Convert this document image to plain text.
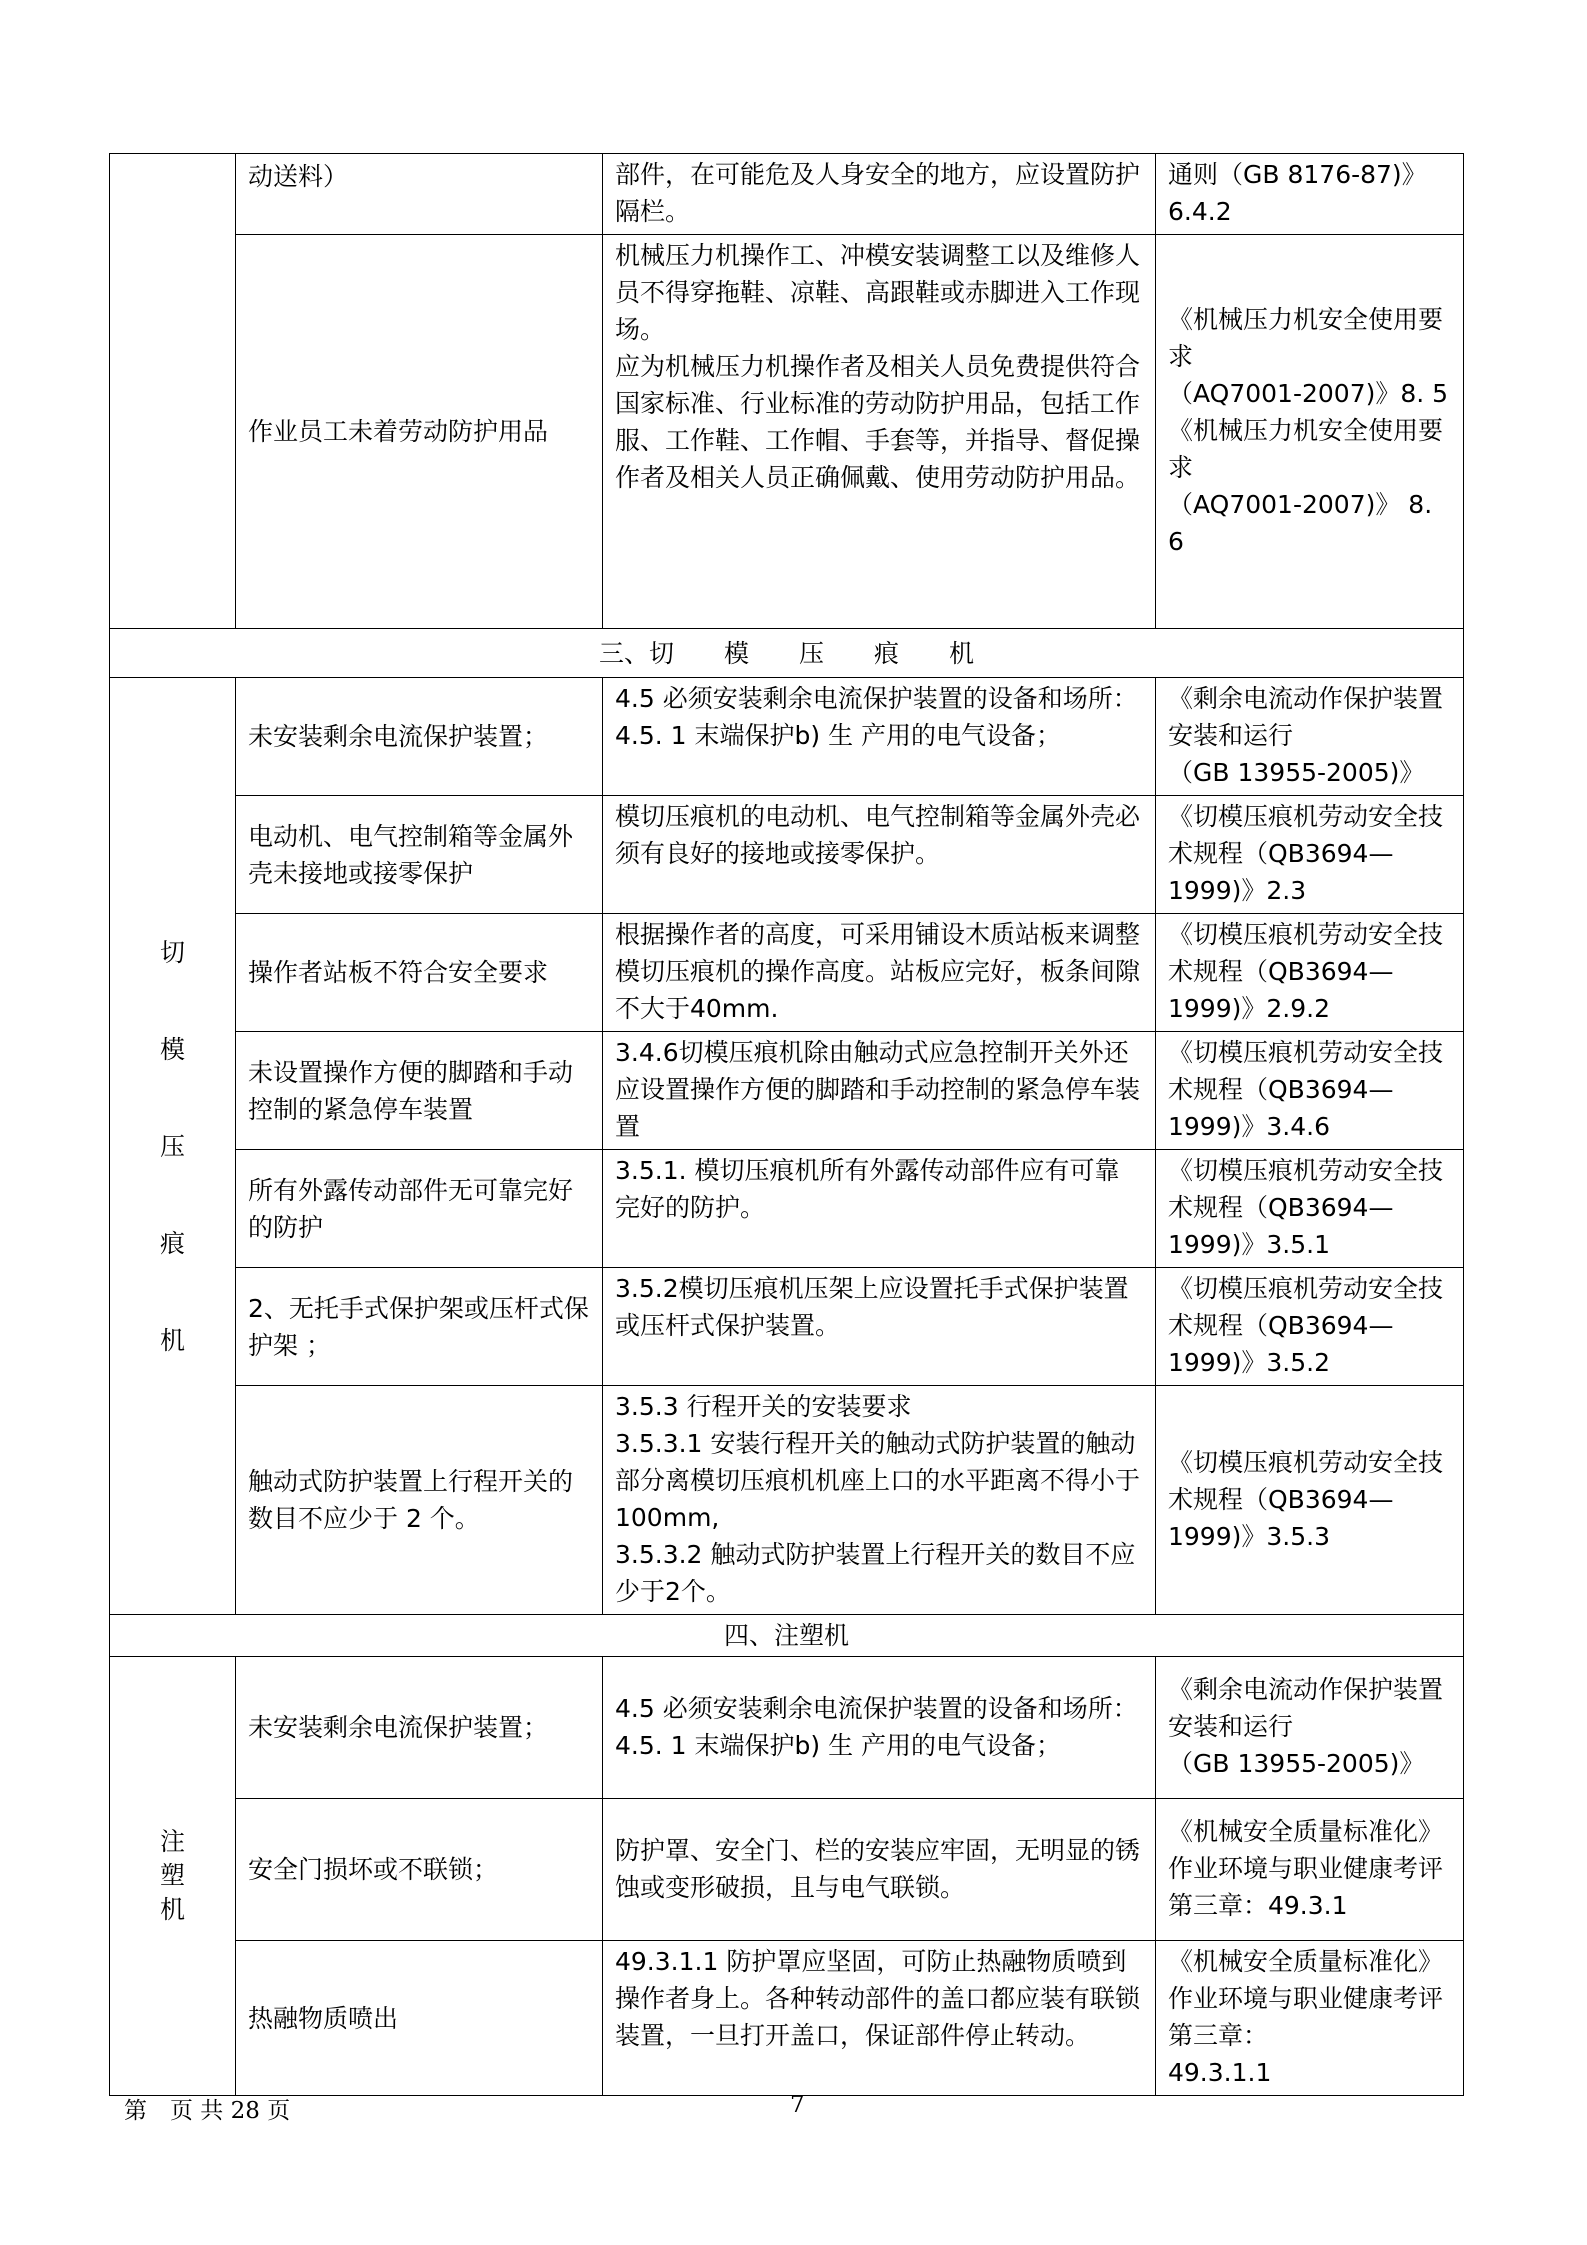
	动送料）	部件，在可能危及人身安全的地方，应设置防护隔栏。	通则（GB 8176-87)》
6.4.2
	作业员工未着劳动防护用品	机械压力机操作工、冲模安装调整工以及维修人员不得穿拖鞋、凉鞋、高跟鞋或赤脚进入工作现场。
应为机械压力机操作者及相关人员免费提供符合国家标准、行业标准的劳动防护用品，包括工作服、工作鞋、工作帽、手套等，并指导、督促操作者及相关人员正确佩戴、使用劳动防护用品。	《机械压力机安全使用要求
（AQ7001-2007)》8. 5
《机械压力机安全使用要求
（AQ7001-2007)》 8. 6
三、切　　模　　压　　痕　　机			
切模压痕机	未安装剩余电流保护装置；	4.5 必须安装剩余电流保护装置的设备和场所：
4.5. 1 末端保护b) 生 产用的电气设备；	《剩余电流动作保护装置安装和运行
（GB 13955-2005)》
	电动机、电气控制箱等金属外壳未接地或接零保护	模切压痕机的电动机、电气控制箱等金属外壳必须有良好的接地或接零保护。	《切模压痕机劳动安全技术规程（QB3694—1999)》2.3
	操作者站板不符合安全要求	根据操作者的高度，可采用铺设木质站板来调整模切压痕机的操作高度。站板应完好，板条间隙不大于40mm.	《切模压痕机劳动安全技术规程（QB3694—1999)》2.9.2
	未设置操作方便的脚踏和手动控制的紧急停车装置	3.4.6切模压痕机除由触动式应急控制开关外还应设置操作方便的脚踏和手动控制的紧急停车装置	《切模压痕机劳动安全技术规程（QB3694—1999)》3.4.6
	所有外露传动部件无可靠完好的防护	3.5.1. 模切压痕机所有外露传动部件应有可靠完好的防护。	《切模压痕机劳动安全技术规程（QB3694—1999)》3.5.1
	2、无托手式保护架或压杆式保护架 ；	3.5.2模切压痕机压架上应设置托手式保护装置或压杆式保护装置。	《切模压痕机劳动安全技术规程（QB3694—1999)》3.5.2
	触动式防护装置上行程开关的数目不应少于 2 个。	3.5.3 行程开关的安装要求
3.5.3.1 安装行程开关的触动式防护装置的触动部分离模切压痕机机座上口的水平距离不得小于100mm,
3.5.3.2 触动式防护装置上行程开关的数目不应少于2个。	《切模压痕机劳动安全技术规程（QB3694—1999)》3.5.3
四、注塑机			
注塑机	未安装剩余电流保护装置；	4.5 必须安装剩余电流保护装置的设备和场所：
4.5. 1 末端保护b) 生 产用的电气设备；	《剩余电流动作保护装置安装和运行
（GB 13955-2005)》
	安全门损坏或不联锁；	防护罩、安全门、栏的安装应牢固，无明显的锈蚀或变形破损，且与电气联锁。	《机械安全质量标准化》作业环境与职业健康考评第三章：49.3.1
	热融物质喷出	49.3.1.1 防护罩应坚固，可防止热融物质喷到操作者身上。各种转动部件的盖口都应装有联锁装置，一旦打开盖口，保证部件停止转动。	《机械安全质量标准化》作业环境与职业健康考评第三章：
49.3.1.1
第　页 共 28 页	7
